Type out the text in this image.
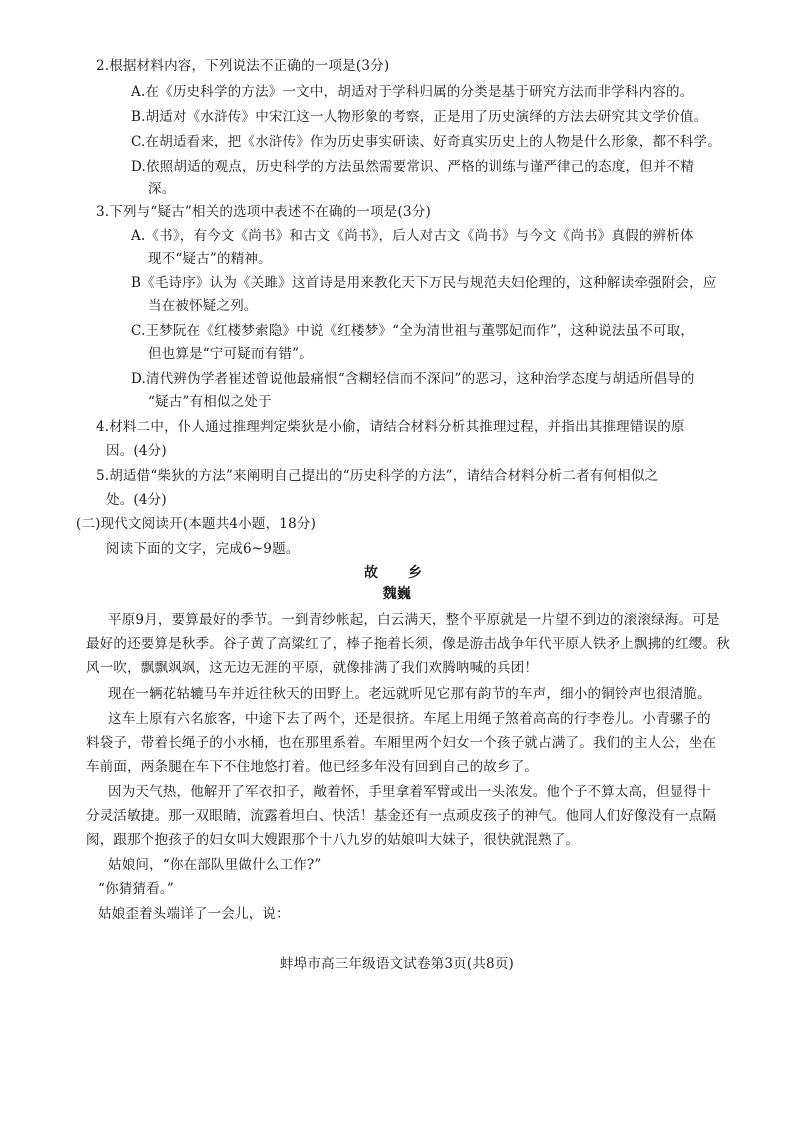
2.根据材料内容，下列说法不正确的一项是(3分)
A.在《历史科学的方法》一文中，胡适对于学科归属的分类是基于研究方法而非学科内容的。
B.胡适对《水浒传》中宋江这一人物形象的考察，正是用了历史演绎的方法去研究其文学价值。
C.在胡适看来，把《水浒传》作为历史事实研读、好奇真实历史上的人物是什么形象，都不科学。
D.依照胡适的观点，历史科学的方法虽然需要常识、严格的训练与谨严律己的态度，但并不精
深。
3.下列与“疑古”相关的选项中表述不在确的一项是(3分)
A.《书》，有今文《尚书》和古文《尚书》，后人对古文《尚书》与今文《尚书》真假的辨析体
现不“疑古”的精神。
B《毛诗序》认为《关雎》这首诗是用来教化天下万民与规范夫妇伦理的，这种解读牵强附会，应
当在被怀疑之列。
C.王梦阮在《红楼梦索隐》中说《红楼梦》“全为清世祖与董鄂妃而作”，这种说法虽不可取，
但也算是“宁可疑而有错”。
D.清代辨伪学者崔述曾说他最痛恨“含糊轻信而不深问”的恶习，这种治学态度与胡适所倡导的
“疑古”有相似之处于
4.材料二中，仆人通过推理判定柴狄是小偷，请结合材料分析其推理过程，并指出其推理错误的原
因。(4分)
5.胡适借“柴狄的方法”来阐明自己提出的“历史科学的方法”，请结合材料分析二者有何相似之
处。(4分)
(二)现代文阅读开(本题共4小题，18分)
阅读下面的文字，完成6~9题。
故　乡
魏巍
平原9月，要算最好的季节。一到青纱帐起，白云满天，整个平原就是一片望不到边的滚滚绿海。可是
最好的还要算是秋季。谷子黄了高粱红了，棒子拖着长须，像是游击战争年代平原人铁矛上飘拂的红缨。秋
风一吹，飘飘飒飒，这无边无涯的平原，就像排满了我们欢腾呐喊的兵团！
现在一辆花轱辘马车并近往秋天的田野上。老远就听见它那有韵节的车声，细小的铜铃声也很清脆。
这车上原有六名旅客，中途下去了两个，还是很挤。车尾上用绳子煞着高高的行李卷儿。小青骡子的
料袋子，带着长绳子的小水桶，也在那里系着。车厢里两个妇女一个孩子就占满了。我们的主人公，坐在
车前面，两条腿在车下不住地悠打着。他已经多年没有回到自己的故乡了。
因为天气热，他解开了军衣扣子，敞着怀，手里拿着军臂或出一头浓发。他个子不算太高，但显得十
分灵活敏捷。那一双眼睛，流露着坦白、快活！基金还有一点顽皮孩子的神气。他同人们好像没有一点隔
阂，跟那个抱孩子的妇女叫大嫂跟那个十八九岁的姑娘叫大妹子，很快就混熟了。
姑娘问，“你在部队里做什么工作?”
“你猜猜看。”
姑娘歪着头端详了一会儿，说：
蚌埠市高三年级语文试卷第3页(共8页)
